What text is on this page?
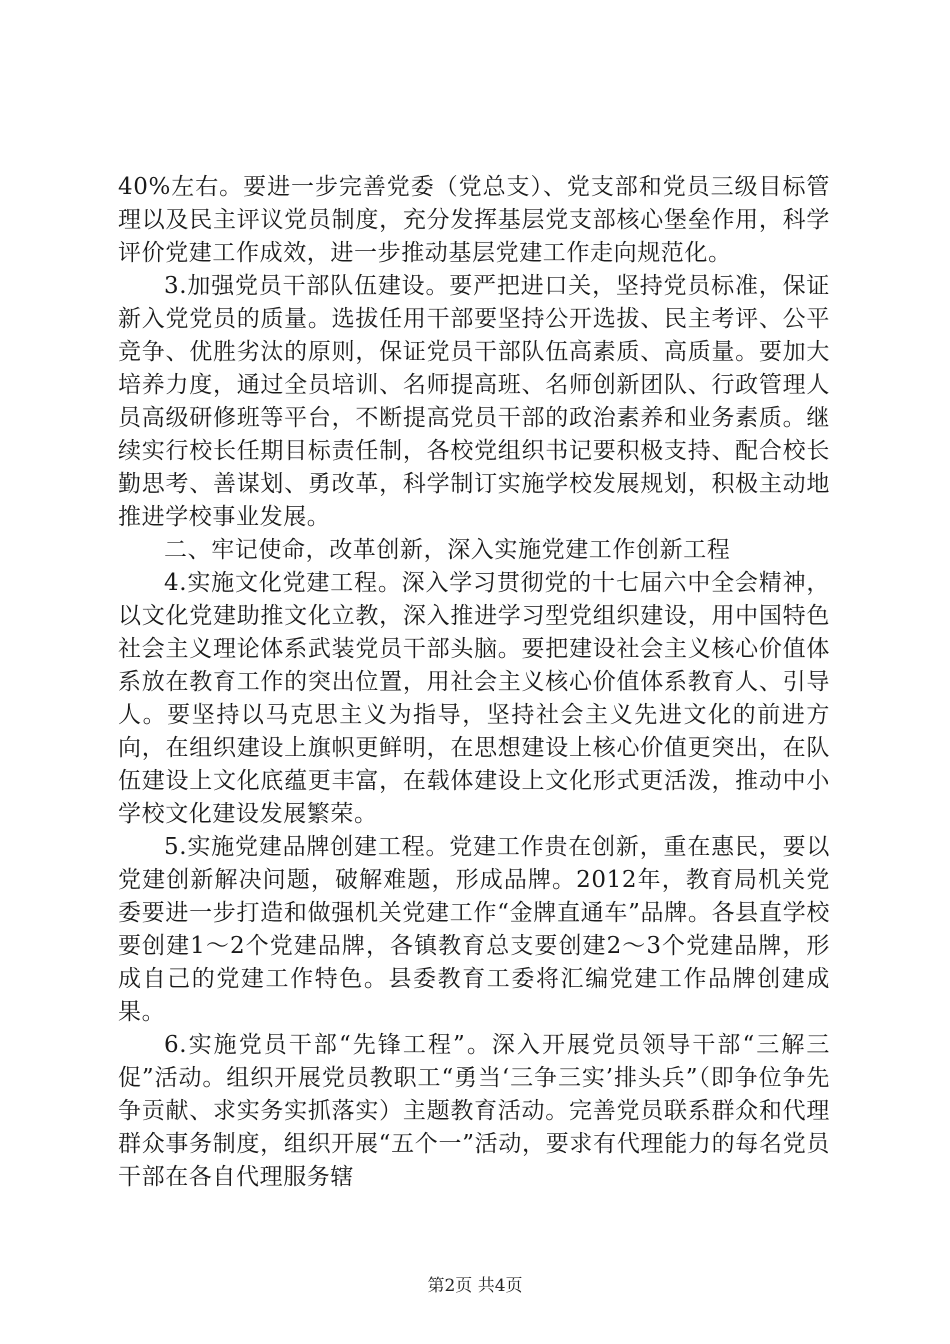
40%左右。要进一步完善党委（党总支）、党支部和党员三级目标管理以及民主评议党员制度，充分发挥基层党支部核心堡垒作用，科学评价党建工作成效，进一步推动基层党建工作走向规范化。

3.加强党员干部队伍建设。要严把进口关，坚持党员标准，保证新入党党员的质量。选拔任用干部要坚持公开选拔、民主考评、公平竞争、优胜劣汰的原则，保证党员干部队伍高素质、高质量。要加大培养力度，通过全员培训、名师提高班、名师创新团队、行政管理人员高级研修班等平台，不断提高党员干部的政治素养和业务素质。继续实行校长任期目标责任制，各校党组织书记要积极支持、配合校长勤思考、善谋划、勇改革，科学制订实施学校发展规划，积极主动地推进学校事业发展。

二、牢记使命，改革创新，深入实施党建工作创新工程

4.实施文化党建工程。深入学习贯彻党的十七届六中全会精神，以文化党建助推文化立教，深入推进学习型党组织建设，用中国特色社会主义理论体系武装党员干部头脑。要把建设社会主义核心价值体系放在教育工作的突出位置，用社会主义核心价值体系教育人、引导人。要坚持以马克思主义为指导，坚持社会主义先进文化的前进方向，在组织建设上旗帜更鲜明，在思想建设上核心价值更突出，在队伍建设上文化底蕴更丰富，在载体建设上文化形式更活泼，推动中小学校文化建设发展繁荣。

5.实施党建品牌创建工程。党建工作贵在创新，重在惠民，要以党建创新解决问题，破解难题，形成品牌。2012年，教育局机关党委要进一步打造和做强机关党建工作“金牌直通车”品牌。各县直学校要创建1～2个党建品牌，各镇教育总支要创建2～3个党建品牌，形成自己的党建工作特色。县委教育工委将汇编党建工作品牌创建成果。

6.实施党员干部“先锋工程”。深入开展党员领导干部“三解三促”活动。组织开展党员教职工“勇当‘三争三实’排头兵”（即争位争先争贡献、求实务实抓落实）主题教育活动。完善党员联系群众和代理群众事务制度，组织开展“五个一”活动，要求有代理能力的每名党员干部在各自代理服务辖

第2页 共4页
